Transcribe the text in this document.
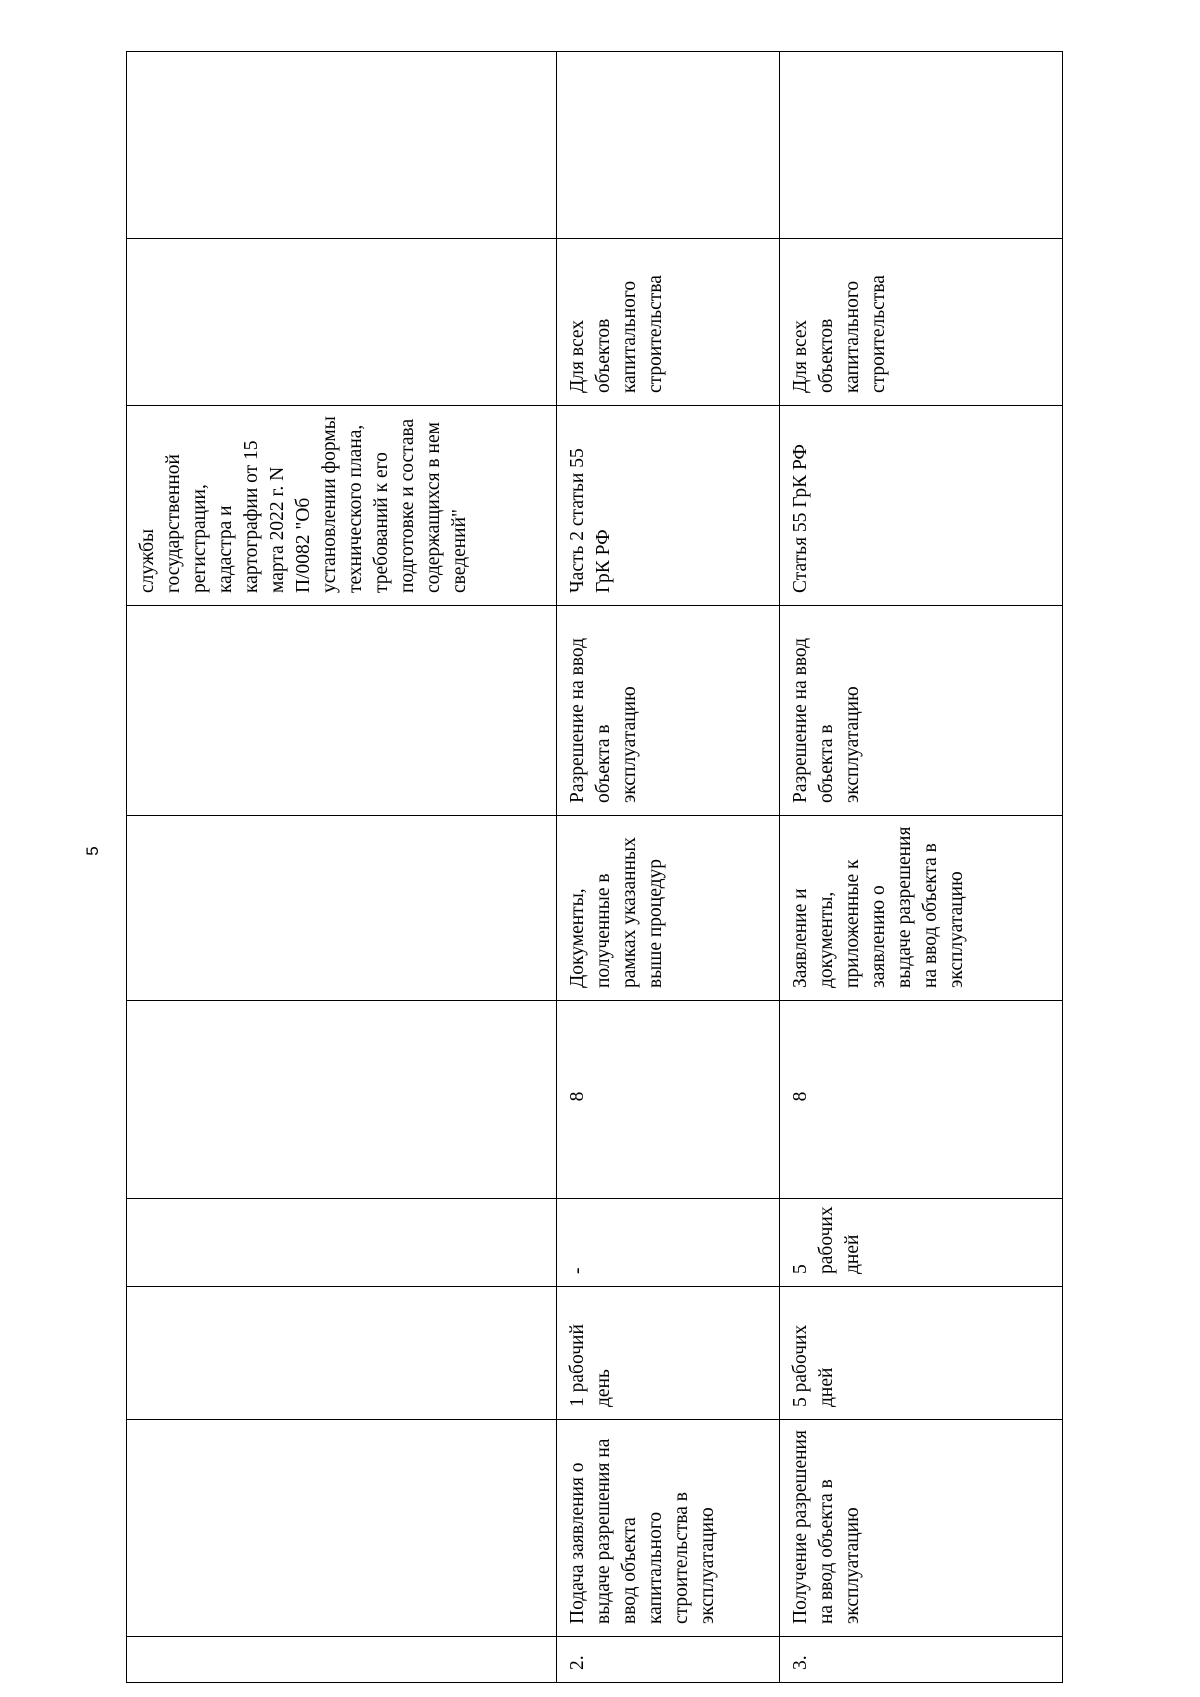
5
							службы государственной регистрации, кадастра и картографии от 15 марта 2022 г. N П/0082 "Об установлении формы технического плана, требований к его подготовке и состава содержащихся в нем сведений"		
2.	Подача заявления о выдаче разрешения на ввод объекта капитального строительства в эксплуатацию	1 рабочий день	-	8	Документы, полученные в рамках указанных выше процедур	Разрешение на ввод объекта в эксплуатацию	Часть 2 статьи 55 ГрК РФ	Для всех объектов капитального строительства	
3.	Получение разрешения на ввод объекта в эксплуатацию	5 рабочих дней	5 рабочих дней	8	Заявление и документы, приложенные к заявлению о выдаче разрешения на ввод объекта в эксплуатацию	Разрешение на ввод объекта в эксплуатацию	Статья 55 ГрК РФ	Для всех объектов капитального строительства	
